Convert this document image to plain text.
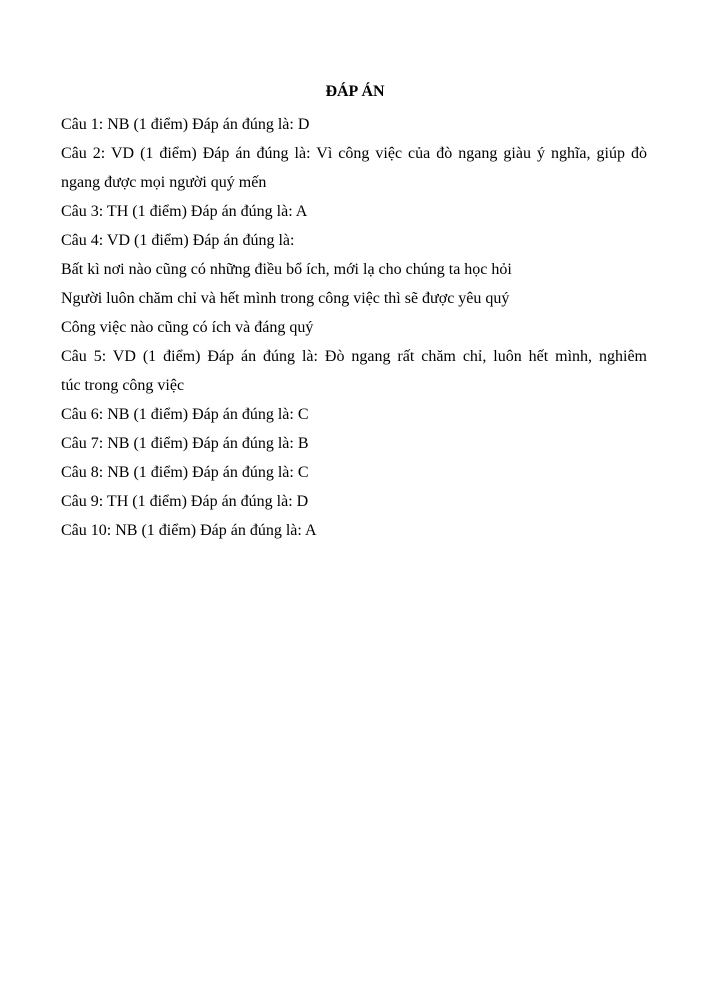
ĐÁP ÁN

Câu 1: NB (1 điểm) Đáp án đúng là: D

Câu 2: VD (1 điểm) Đáp án đúng là: Vì công việc của đò ngang giàu ý nghĩa, giúp đò

ngang được mọi người quý mến

Câu 3: TH (1 điểm) Đáp án đúng là: A

Câu 4: VD (1 điểm) Đáp án đúng là:

Bất kì nơi nào cũng có những điều bổ ích, mới lạ cho chúng ta học hỏi

Người luôn chăm chỉ và hết mình trong công việc thì sẽ được yêu quý

Công việc nào cũng có ích và đáng quý

Câu 5: VD (1 điểm) Đáp án đúng là: Đò ngang rất chăm chỉ, luôn hết mình, nghiêm

túc trong công việc

Câu 6: NB (1 điểm) Đáp án đúng là: C

Câu 7: NB (1 điểm) Đáp án đúng là: B

Câu 8: NB (1 điểm) Đáp án đúng là: C

Câu 9: TH (1 điểm) Đáp án đúng là: D

Câu 10: NB (1 điểm) Đáp án đúng là: A
